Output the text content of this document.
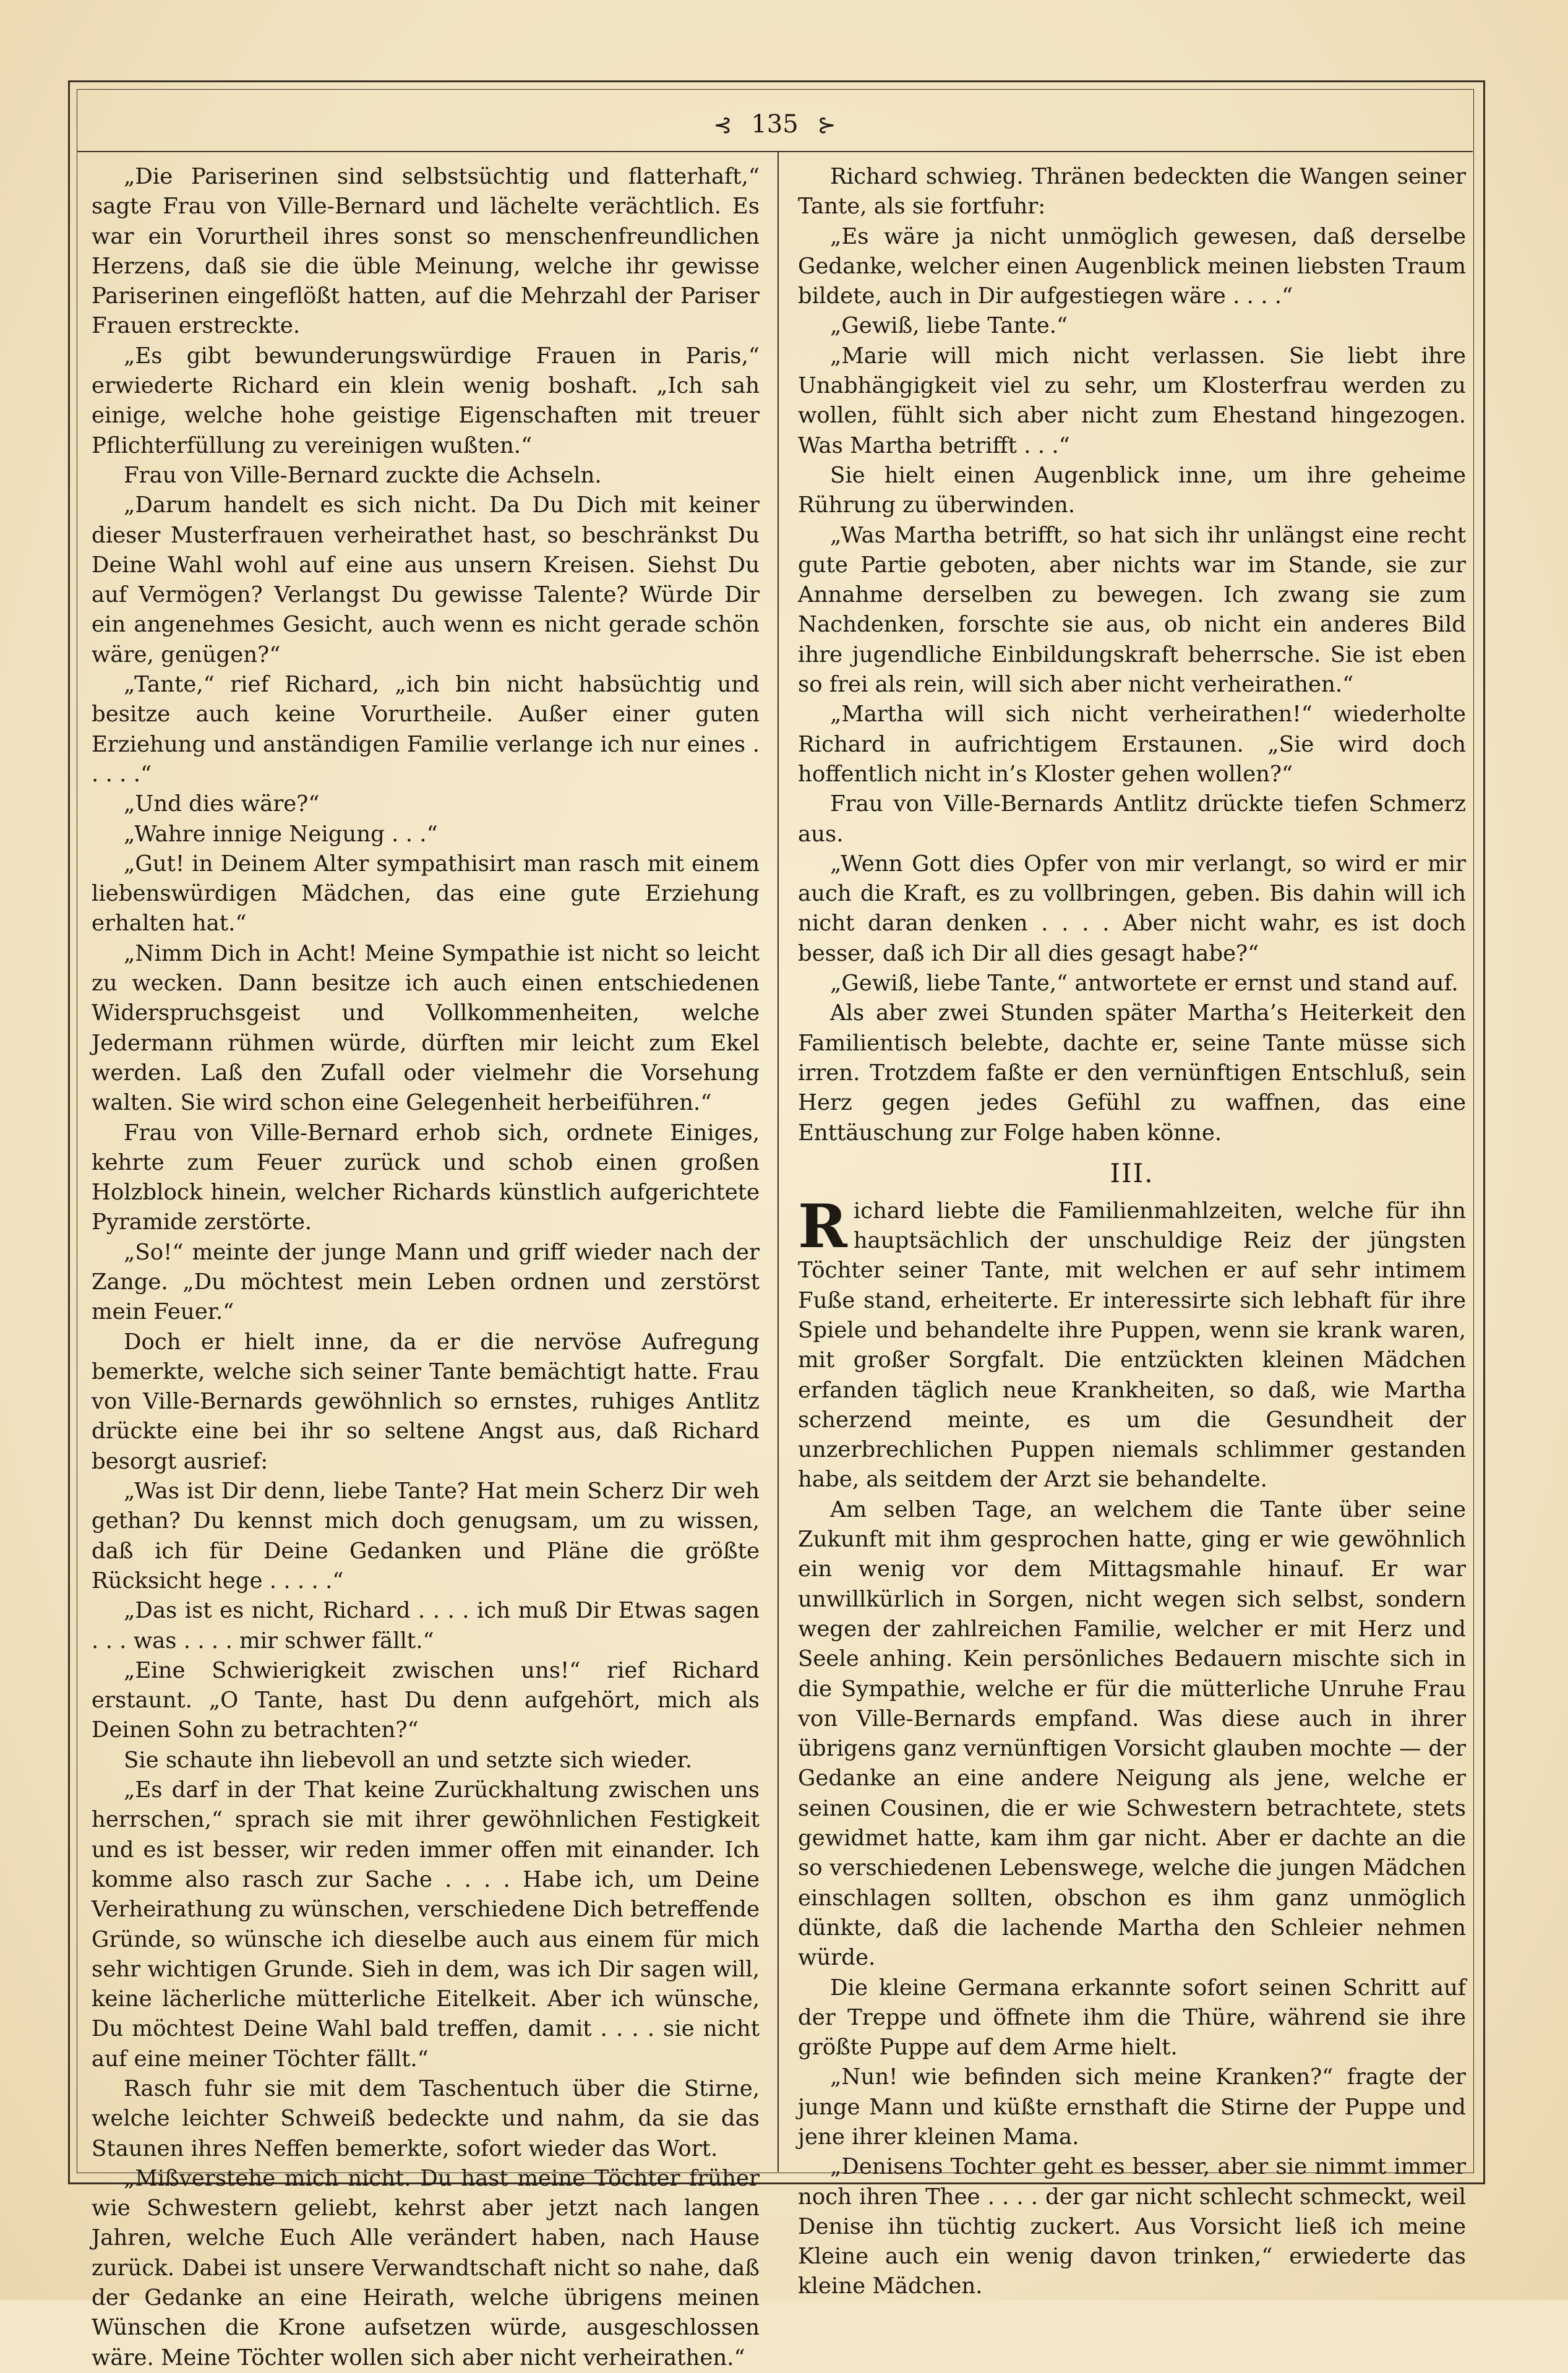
⊰ 135 ⊱

„Die Pariserinen sind selbstsüchtig und flatterhaft,“ sagte Frau von Ville-Bernard und lächelte verächtlich. Es war ein Vorurtheil ihres sonst so menschenfreundlichen Herzens, daß sie die üble Meinung, welche ihr gewisse Pariserinen eingeflößt hatten, auf die Mehrzahl der Pariser Frauen erstreckte.

„Es gibt bewunderungswürdige Frauen in Paris,“ erwiederte Richard ein klein wenig boshaft. „Ich sah einige, welche hohe geistige Eigenschaften mit treuer Pflichterfüllung zu vereinigen wußten.“

Frau von Ville-Bernard zuckte die Achseln.

„Darum handelt es sich nicht. Da Du Dich mit keiner dieser Musterfrauen verheirathet hast, so beschränkst Du Deine Wahl wohl auf eine aus unsern Kreisen. Siehst Du auf Vermögen? Verlangst Du gewisse Talente? Würde Dir ein angenehmes Gesicht, auch wenn es nicht gerade schön wäre, genügen?“

„Tante,“ rief Richard, „ich bin nicht habsüchtig und besitze auch keine Vorurtheile. Außer einer guten Erziehung und anständigen Familie verlange ich nur eines . . . . .“

„Und dies wäre?“

„Wahre innige Neigung . . .“

„Gut! in Deinem Alter sympathisirt man rasch mit einem liebenswürdigen Mädchen, das eine gute Erziehung erhalten hat.“

„Nimm Dich in Acht! Meine Sympathie ist nicht so leicht zu wecken. Dann besitze ich auch einen entschiedenen Widerspruchsgeist und Vollkommenheiten, welche Jedermann rühmen würde, dürften mir leicht zum Ekel werden. Laß den Zufall oder vielmehr die Vorsehung walten. Sie wird schon eine Gelegenheit herbeiführen.“

Frau von Ville-Bernard erhob sich, ordnete Einiges, kehrte zum Feuer zurück und schob einen großen Holzblock hinein, welcher Richards künstlich aufgerichtete Pyramide zerstörte.

„So!“ meinte der junge Mann und griff wieder nach der Zange. „Du möchtest mein Leben ordnen und zerstörst mein Feuer.“

Doch er hielt inne, da er die nervöse Aufregung bemerkte, welche sich seiner Tante bemächtigt hatte. Frau von Ville-Bernards gewöhnlich so ernstes, ruhiges Antlitz drückte eine bei ihr so seltene Angst aus, daß Richard besorgt ausrief:

„Was ist Dir denn, liebe Tante? Hat mein Scherz Dir weh gethan? Du kennst mich doch genugsam, um zu wissen, daß ich für Deine Gedanken und Pläne die größte Rücksicht hege . . . . .“

„Das ist es nicht, Richard . . . . ich muß Dir Etwas sagen . . . was . . . . mir schwer fällt.“

„Eine Schwierigkeit zwischen uns!“ rief Richard erstaunt. „O Tante, hast Du denn aufgehört, mich als Deinen Sohn zu betrachten?“

Sie schaute ihn liebevoll an und setzte sich wieder.

„Es darf in der That keine Zurückhaltung zwischen uns herrschen,“ sprach sie mit ihrer gewöhnlichen Festigkeit und es ist besser, wir reden immer offen mit einander. Ich komme also rasch zur Sache . . . . Habe ich, um Deine Verheirathung zu wünschen, verschiedene Dich betreffende Gründe, so wünsche ich dieselbe auch aus einem für mich sehr wichtigen Grunde. Sieh in dem, was ich Dir sagen will, keine lächerliche mütterliche Eitelkeit. Aber ich wünsche, Du möchtest Deine Wahl bald treffen, damit . . . . sie nicht auf eine meiner Töchter fällt.“

Rasch fuhr sie mit dem Taschentuch über die Stirne, welche leichter Schweiß bedeckte und nahm, da sie das Staunen ihres Neffen bemerkte, sofort wieder das Wort.

„Mißverstehe mich nicht. Du hast meine Töchter früher wie Schwestern geliebt, kehrst aber jetzt nach langen Jahren, welche Euch Alle verändert haben, nach Hause zurück. Dabei ist unsere Verwandtschaft nicht so nahe, daß der Gedanke an eine Heirath, welche übrigens meinen Wünschen die Krone aufsetzen würde, ausgeschlossen wäre. Meine Töchter wollen sich aber nicht verheirathen.“

Richard schwieg. Thränen bedeckten die Wangen seiner Tante, als sie fortfuhr:

„Es wäre ja nicht unmöglich gewesen, daß derselbe Gedanke, welcher einen Augenblick meinen liebsten Traum bildete, auch in Dir aufgestiegen wäre . . . .“

„Gewiß, liebe Tante.“

„Marie will mich nicht verlassen. Sie liebt ihre Unabhängigkeit viel zu sehr, um Klosterfrau werden zu wollen, fühlt sich aber nicht zum Ehestand hingezogen. Was Martha betrifft . . .“

Sie hielt einen Augenblick inne, um ihre geheime Rührung zu überwinden.

„Was Martha betrifft, so hat sich ihr unlängst eine recht gute Partie geboten, aber nichts war im Stande, sie zur Annahme derselben zu bewegen. Ich zwang sie zum Nachdenken, forschte sie aus, ob nicht ein anderes Bild ihre jugendliche Einbildungskraft beherrsche. Sie ist eben so frei als rein, will sich aber nicht verheirathen.“

„Martha will sich nicht verheirathen!“ wiederholte Richard in aufrichtigem Erstaunen. „Sie wird doch hoffentlich nicht in’s Kloster gehen wollen?“

Frau von Ville-Bernards Antlitz drückte tiefen Schmerz aus.

„Wenn Gott dies Opfer von mir verlangt, so wird er mir auch die Kraft, es zu vollbringen, geben. Bis dahin will ich nicht daran denken . . . . Aber nicht wahr, es ist doch besser, daß ich Dir all dies gesagt habe?“

„Gewiß, liebe Tante,“ antwortete er ernst und stand auf.

Als aber zwei Stunden später Martha’s Heiterkeit den Familientisch belebte, dachte er, seine Tante müsse sich irren. Trotzdem faßte er den vernünftigen Entschluß, sein Herz gegen jedes Gefühl zu waffnen, das eine Enttäuschung zur Folge haben könne.

III.

Richard liebte die Familienmahlzeiten, welche für ihn hauptsächlich der unschuldige Reiz der jüngsten Töchter seiner Tante, mit welchen er auf sehr intimem Fuße stand, erheiterte. Er interessirte sich lebhaft für ihre Spiele und behandelte ihre Puppen, wenn sie krank waren, mit großer Sorgfalt. Die entzückten kleinen Mädchen erfanden täglich neue Krankheiten, so daß, wie Martha scherzend meinte, es um die Gesundheit der unzerbrechlichen Puppen niemals schlimmer gestanden habe, als seitdem der Arzt sie behandelte.

Am selben Tage, an welchem die Tante über seine Zukunft mit ihm gesprochen hatte, ging er wie gewöhnlich ein wenig vor dem Mittagsmahle hinauf. Er war unwillkürlich in Sorgen, nicht wegen sich selbst, sondern wegen der zahlreichen Familie, welcher er mit Herz und Seele anhing. Kein persönliches Bedauern mischte sich in die Sympathie, welche er für die mütterliche Unruhe Frau von Ville-Bernards empfand. Was diese auch in ihrer übrigens ganz vernünftigen Vorsicht glauben mochte — der Gedanke an eine andere Neigung als jene, welche er seinen Cousinen, die er wie Schwestern betrachtete, stets gewidmet hatte, kam ihm gar nicht. Aber er dachte an die so verschiedenen Lebenswege, welche die jungen Mädchen einschlagen sollten, obschon es ihm ganz unmöglich dünkte, daß die lachende Martha den Schleier nehmen würde.

Die kleine Germana erkannte sofort seinen Schritt auf der Treppe und öffnete ihm die Thüre, während sie ihre größte Puppe auf dem Arme hielt.

„Nun! wie befinden sich meine Kranken?“ fragte der junge Mann und küßte ernsthaft die Stirne der Puppe und jene ihrer kleinen Mama.

„Denisens Tochter geht es besser, aber sie nimmt immer noch ihren Thee . . . . der gar nicht schlecht schmeckt, weil Denise ihn tüchtig zuckert. Aus Vorsicht ließ ich meine Kleine auch ein wenig davon trinken,“ erwiederte das kleine Mädchen.
